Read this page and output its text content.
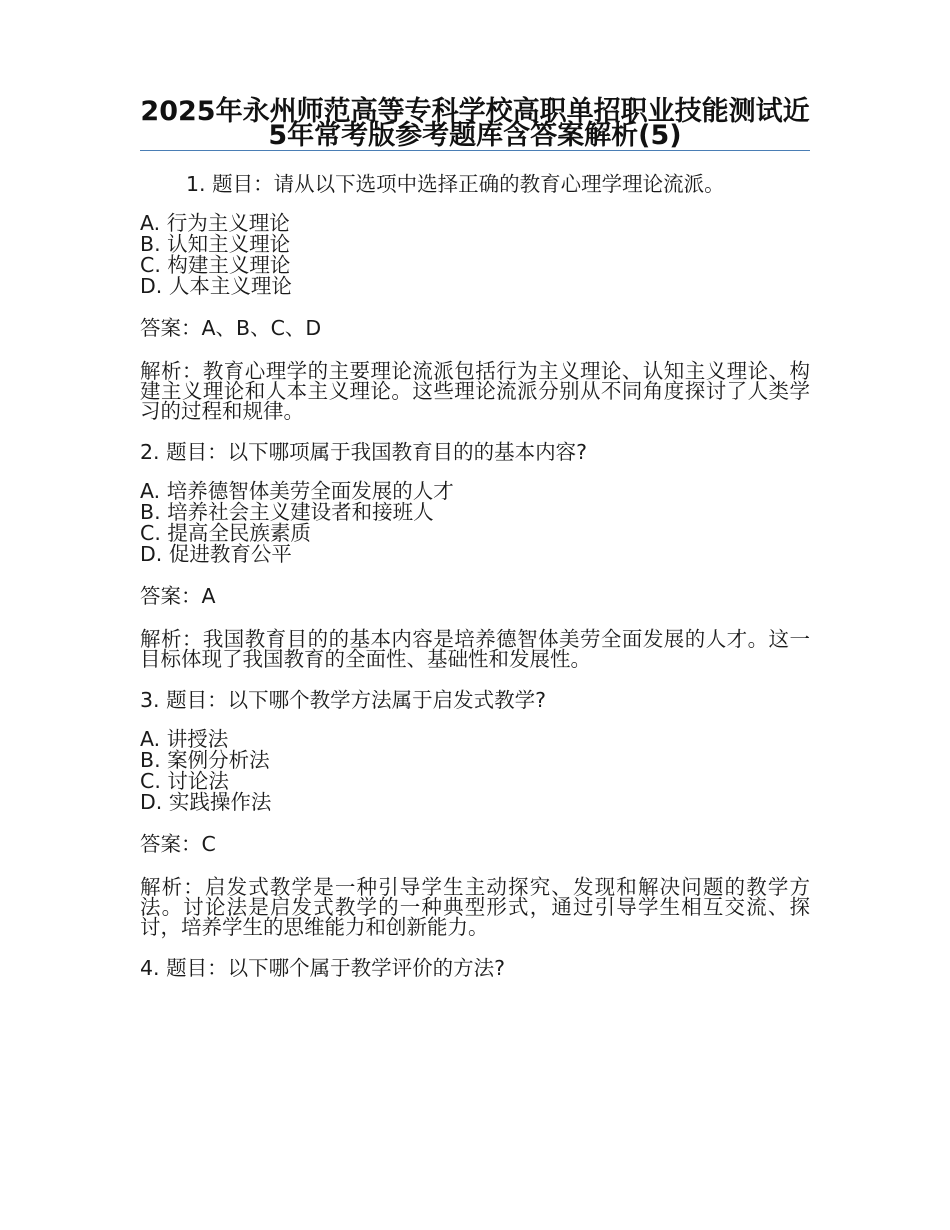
2025年永州师范高等专科学校高职单招职业技能测试近5年常考版参考题库含答案解析(5)

1. 题目：请从以下选项中选择正确的教育心理学理论流派。

A. 行为主义理论
B. 认知主义理论
C. 构建主义理论
D. 人本主义理论

答案：A、B、C、D

解析：教育心理学的主要理论流派包括行为主义理论、认知主义理论、构建主义理论和人本主义理论。这些理论流派分别从不同角度探讨了人类学习的过程和规律。

2. 题目：以下哪项属于我国教育目的的基本内容?

A. 培养德智体美劳全面发展的人才
B. 培养社会主义建设者和接班人
C. 提高全民族素质
D. 促进教育公平

答案：A

解析：我国教育目的的基本内容是培养德智体美劳全面发展的人才。这一目标体现了我国教育的全面性、基础性和发展性。

3. 题目：以下哪个教学方法属于启发式教学?

A. 讲授法
B. 案例分析法
C. 讨论法
D. 实践操作法

答案：C

解析：启发式教学是一种引导学生主动探究、发现和解决问题的教学方法。讨论法是启发式教学的一种典型形式，通过引导学生相互交流、探讨，培养学生的思维能力和创新能力。

4. 题目：以下哪个属于教学评价的方法?
